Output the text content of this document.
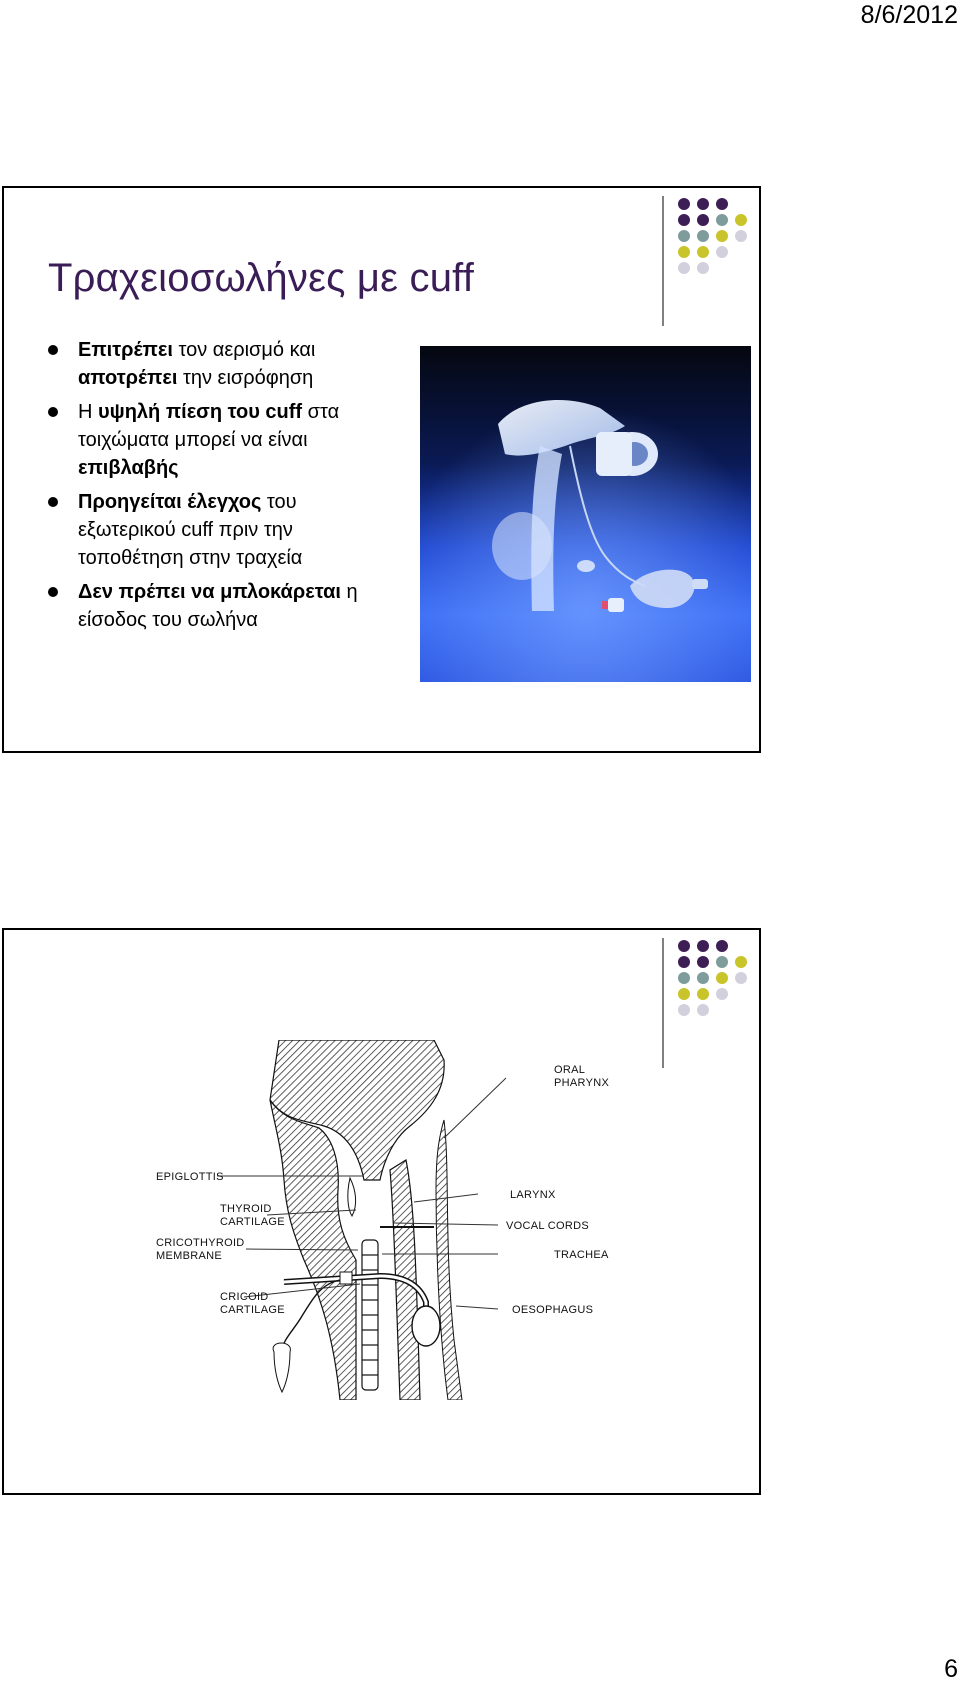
8/6/2012
Τραχειοσωλήνες με cuff
Επιτρέπει τον αερισμό και αποτρέπει την εισρόφηση
Η υψηλή πίεση του cuff στα τοιχώματα μπορεί να είναι επιβλαβής
Προηγείται έλεγχος του εξωτερικού cuff πριν την τοποθέτηση στην τραχεία
Δεν πρέπει να μπλοκάρεται η είσοδος του σωλήνα
ORAL
PHARYNX
EPIGLOTTIS
LARYNX
THYROID
CARTILAGE	VOCAL CORDS
CRICOTHYROID
MEMBRANE	TRACHEA
CRICOID
CARTILAGE	OESOPHAGUS
6
